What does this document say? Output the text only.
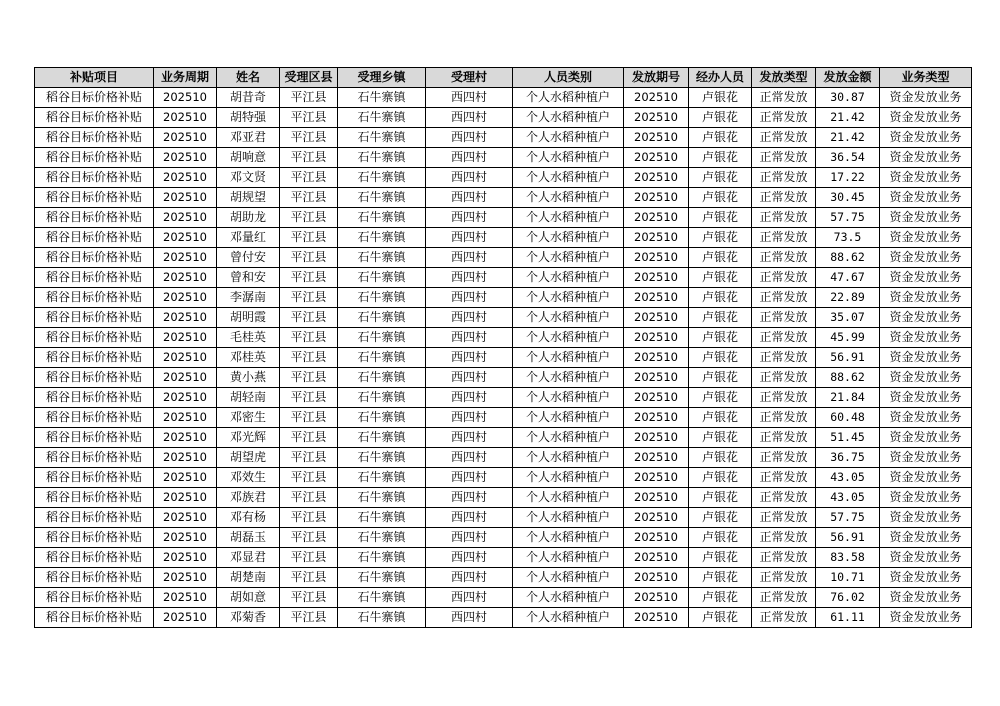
补贴项目	业务周期	姓名	受理区县	受理乡镇	受理村	人员类别	发放期号	经办人员	发放类型	发放金额	业务类型
稻谷目标价格补贴	202510	胡昔奇	平江县	石牛寨镇	西四村	个人水稻种植户	202510	卢银花	正常发放	30.87	资金发放业务
稻谷目标价格补贴	202510	胡特强	平江县	石牛寨镇	西四村	个人水稻种植户	202510	卢银花	正常发放	21.42	资金发放业务
稻谷目标价格补贴	202510	邓亚君	平江县	石牛寨镇	西四村	个人水稻种植户	202510	卢银花	正常发放	21.42	资金发放业务
稻谷目标价格补贴	202510	胡响意	平江县	石牛寨镇	西四村	个人水稻种植户	202510	卢银花	正常发放	36.54	资金发放业务
稻谷目标价格补贴	202510	邓文贤	平江县	石牛寨镇	西四村	个人水稻种植户	202510	卢银花	正常发放	17.22	资金发放业务
稻谷目标价格补贴	202510	胡规望	平江县	石牛寨镇	西四村	个人水稻种植户	202510	卢银花	正常发放	30.45	资金发放业务
稻谷目标价格补贴	202510	胡助龙	平江县	石牛寨镇	西四村	个人水稻种植户	202510	卢银花	正常发放	57.75	资金发放业务
稻谷目标价格补贴	202510	邓量红	平江县	石牛寨镇	西四村	个人水稻种植户	202510	卢银花	正常发放	73.5	资金发放业务
稻谷目标价格补贴	202510	曾付安	平江县	石牛寨镇	西四村	个人水稻种植户	202510	卢银花	正常发放	88.62	资金发放业务
稻谷目标价格补贴	202510	曾和安	平江县	石牛寨镇	西四村	个人水稻种植户	202510	卢银花	正常发放	47.67	资金发放业务
稻谷目标价格补贴	202510	李潺南	平江县	石牛寨镇	西四村	个人水稻种植户	202510	卢银花	正常发放	22.89	资金发放业务
稻谷目标价格补贴	202510	胡明霞	平江县	石牛寨镇	西四村	个人水稻种植户	202510	卢银花	正常发放	35.07	资金发放业务
稻谷目标价格补贴	202510	毛桂英	平江县	石牛寨镇	西四村	个人水稻种植户	202510	卢银花	正常发放	45.99	资金发放业务
稻谷目标价格补贴	202510	邓桂英	平江县	石牛寨镇	西四村	个人水稻种植户	202510	卢银花	正常发放	56.91	资金发放业务
稻谷目标价格补贴	202510	黄小燕	平江县	石牛寨镇	西四村	个人水稻种植户	202510	卢银花	正常发放	88.62	资金发放业务
稻谷目标价格补贴	202510	胡轻南	平江县	石牛寨镇	西四村	个人水稻种植户	202510	卢银花	正常发放	21.84	资金发放业务
稻谷目标价格补贴	202510	邓密生	平江县	石牛寨镇	西四村	个人水稻种植户	202510	卢银花	正常发放	60.48	资金发放业务
稻谷目标价格补贴	202510	邓光辉	平江县	石牛寨镇	西四村	个人水稻种植户	202510	卢银花	正常发放	51.45	资金发放业务
稻谷目标价格补贴	202510	胡望虎	平江县	石牛寨镇	西四村	个人水稻种植户	202510	卢银花	正常发放	36.75	资金发放业务
稻谷目标价格补贴	202510	邓效生	平江县	石牛寨镇	西四村	个人水稻种植户	202510	卢银花	正常发放	43.05	资金发放业务
稻谷目标价格补贴	202510	邓族君	平江县	石牛寨镇	西四村	个人水稻种植户	202510	卢银花	正常发放	43.05	资金发放业务
稻谷目标价格补贴	202510	邓有杨	平江县	石牛寨镇	西四村	个人水稻种植户	202510	卢银花	正常发放	57.75	资金发放业务
稻谷目标价格补贴	202510	胡磊玉	平江县	石牛寨镇	西四村	个人水稻种植户	202510	卢银花	正常发放	56.91	资金发放业务
稻谷目标价格补贴	202510	邓显君	平江县	石牛寨镇	西四村	个人水稻种植户	202510	卢银花	正常发放	83.58	资金发放业务
稻谷目标价格补贴	202510	胡楚南	平江县	石牛寨镇	西四村	个人水稻种植户	202510	卢银花	正常发放	10.71	资金发放业务
稻谷目标价格补贴	202510	胡如意	平江县	石牛寨镇	西四村	个人水稻种植户	202510	卢银花	正常发放	76.02	资金发放业务
稻谷目标价格补贴	202510	邓菊香	平江县	石牛寨镇	西四村	个人水稻种植户	202510	卢银花	正常发放	61.11	资金发放业务
